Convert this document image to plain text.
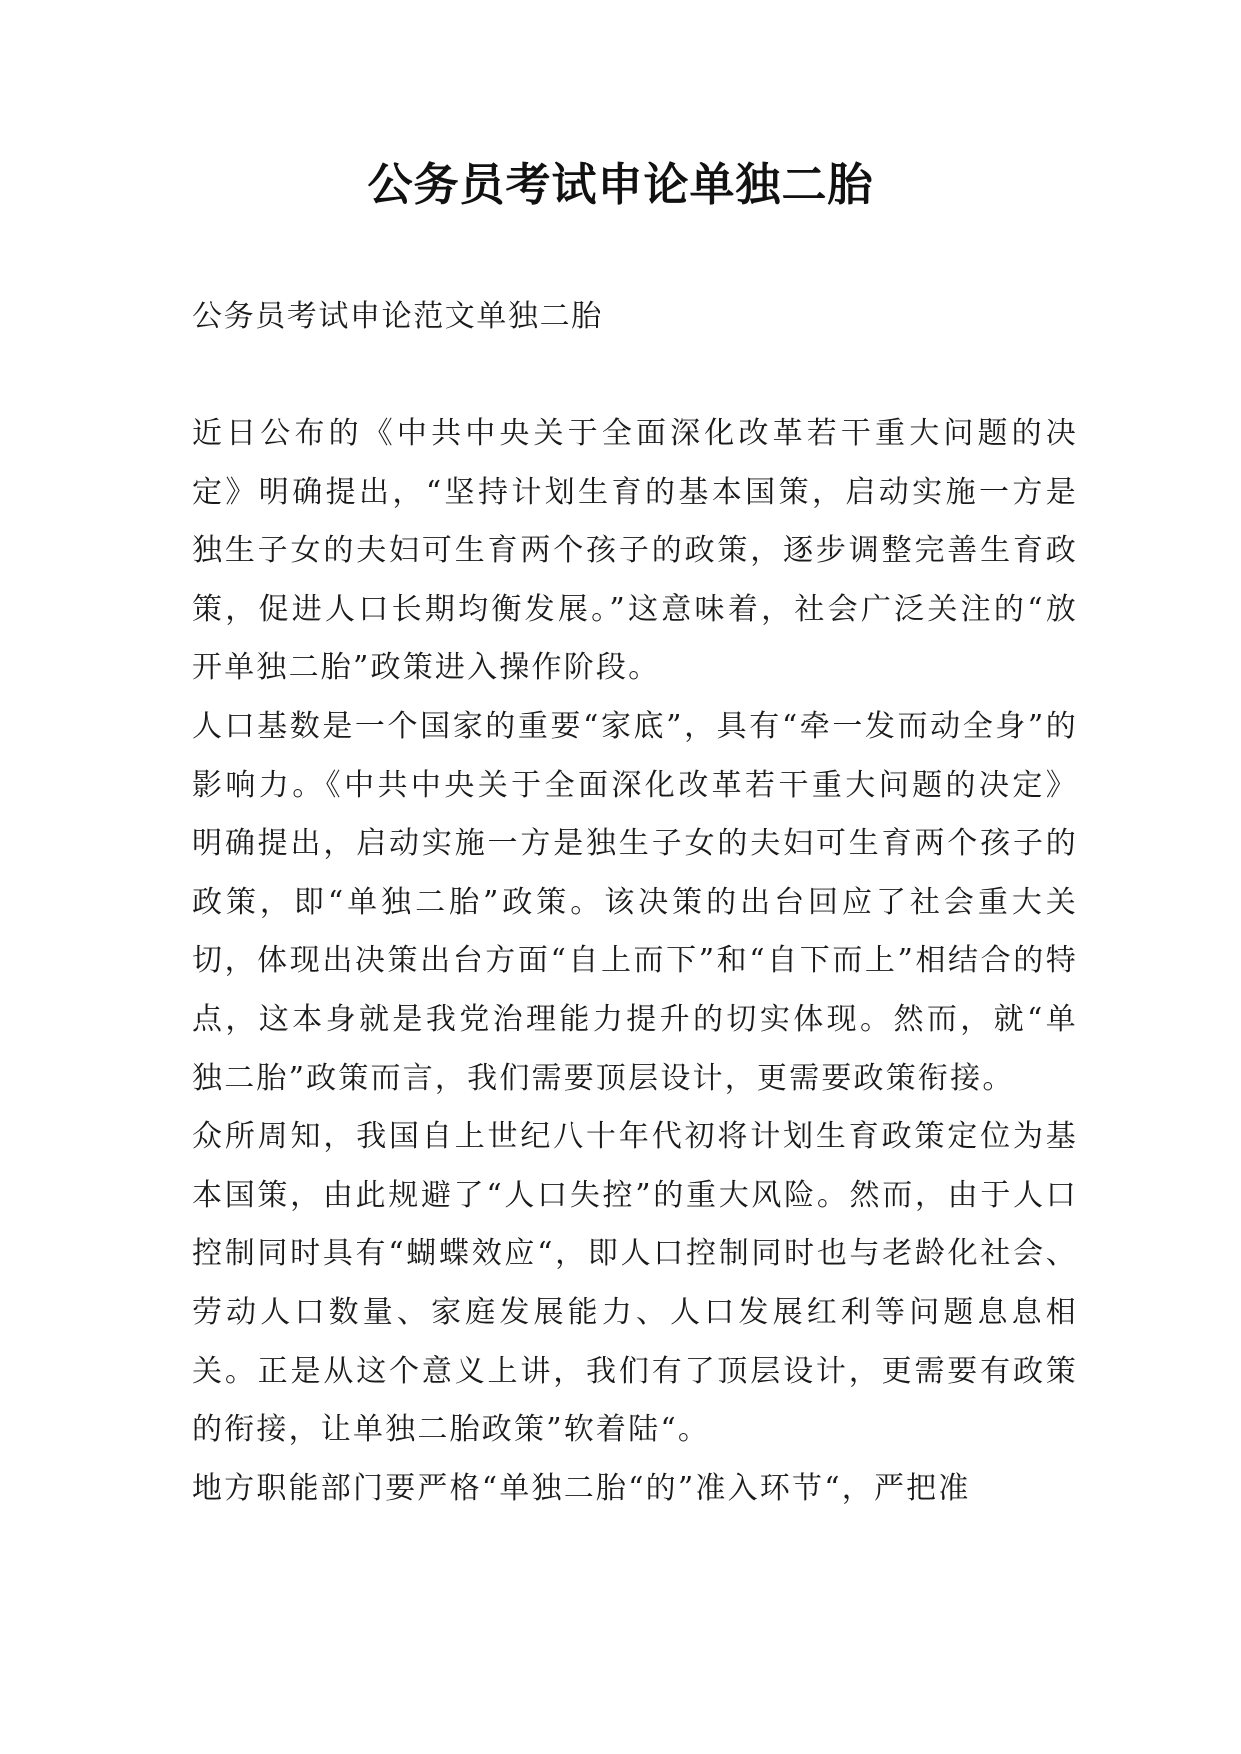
公务员考试申论单独二胎

公务员考试申论范文单独二胎

近日公布的《中共中央关于全面深化改革若干重大问题的决定》明确提出，“坚持计划生育的基本国策，启动实施一方是独生子女的夫妇可生育两个孩子的政策，逐步调整完善生育政策，促进人口长期均衡发展。”这意味着，社会广泛关注的“放开单独二胎”政策进入操作阶段。

人口基数是一个国家的重要“家底”，具有“牵一发而动全身”的影响力。《中共中央关于全面深化改革若干重大问题的决定》明确提出，启动实施一方是独生子女的夫妇可生育两个孩子的政策，即“单独二胎”政策。该决策的出台回应了社会重大关切，体现出决策出台方面“自上而下”和“自下而上”相结合的特点，这本身就是我党治理能力提升的切实体现。然而，就“单独二胎”政策而言，我们需要顶层设计，更需要政策衔接。

众所周知，我国自上世纪八十年代初将计划生育政策定位为基本国策，由此规避了“人口失控”的重大风险。然而，由于人口控制同时具有“蝴蝶效应“，即人口控制同时也与老龄化社会、劳动人口数量、家庭发展能力、人口发展红利等问题息息相关。正是从这个意义上讲，我们有了顶层设计，更需要有政策的衔接，让单独二胎政策”软着陆“。

地方职能部门要严格“单独二胎“的”准入环节“，严把准
